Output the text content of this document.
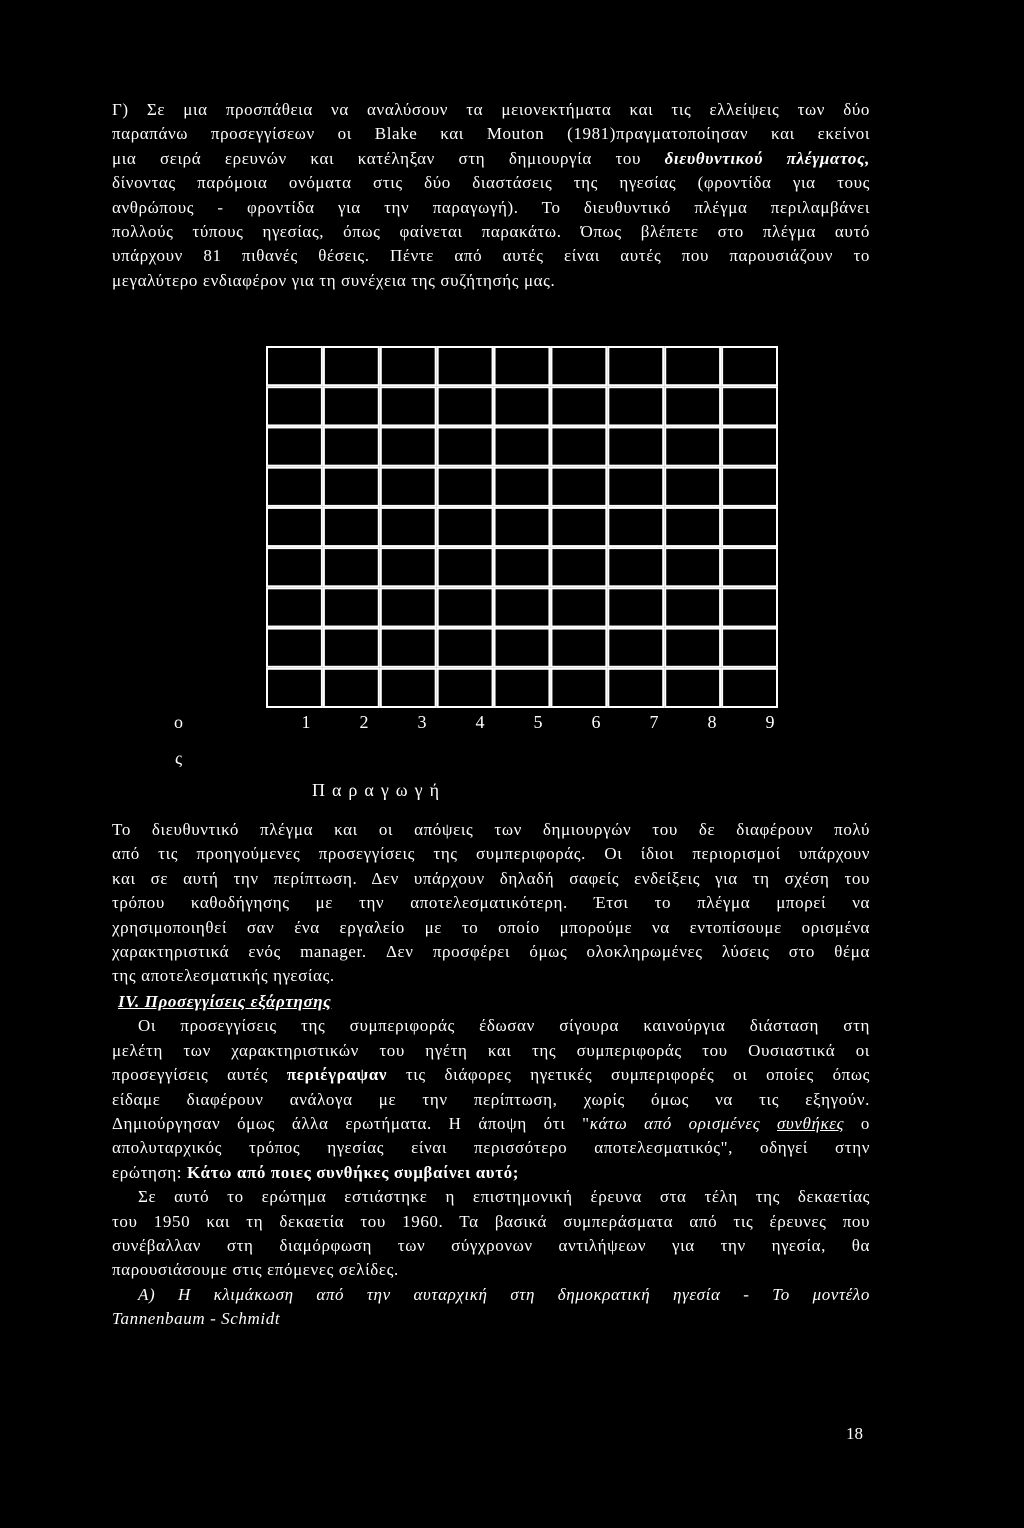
Γ) Σε μια προσπάθεια να αναλύσουν τα μειονεκτήματα και τις ελλείψεις των δύο
παραπάνω προσεγγίσεων οι Blake και Mouton (1981)πραγματοποίησαν και εκείνοι
μια σειρά ερευνών και κατέληξαν στη δημιουργία του διευθυντικού πλέγματος,
δίνοντας παρόμοια ονόματα στις δύο διαστάσεις της ηγεσίας (φροντίδα για τους
ανθρώπους - φροντίδα για την παραγωγή). Το διευθυντικό πλέγμα περιλαμβάνει
πολλούς τύπους ηγεσίας, όπως φαίνεται παρακάτω. Όπως βλέπετε στο πλέγμα αυτό
υπάρχουν 81 πιθανές θέσεις. Πέντε από αυτές είναι αυτές που παρουσιάζουν το
μεγαλύτερο ενδιαφέρον για τη συνέχεια της συζήτησής μας.
ο
ς
1	2	3	4	5	6	7	8	9
Παραγωγή
Το διευθυντικό πλέγμα και οι απόψεις των δημιουργών του δε διαφέρουν πολύ
από τις προηγούμενες προσεγγίσεις της συμπεριφοράς. Οι ίδιοι περιορισμοί υπάρχουν
και σε αυτή την περίπτωση. Δεν υπάρχουν δηλαδή σαφείς ενδείξεις για τη σχέση του
τρόπου καθοδήγησης με την αποτελεσματικότερη. Έτσι το πλέγμα μπορεί να
χρησιμοποιηθεί σαν ένα εργαλείο με το οποίο μπορούμε να εντοπίσουμε ορισμένα
χαρακτηριστικά ενός manager. Δεν προσφέρει όμως ολοκληρωμένες λύσεις στο θέμα
της αποτελεσματικής ηγεσίας.
IV. Προσεγγίσεις εξάρτησης
Οι προσεγγίσεις της συμπεριφοράς έδωσαν σίγουρα καινούργια διάσταση στη
μελέτη των χαρακτηριστικών του ηγέτη και της συμπεριφοράς του Ουσιαστικά οι
προσεγγίσεις αυτές περιέγραψαν τις διάφορες ηγετικές συμπεριφορές οι οποίες όπως
είδαμε διαφέρουν ανάλογα με την περίπτωση, χωρίς όμως να τις εξηγούν.
Δημιούργησαν όμως άλλα ερωτήματα. Η άποψη ότι "κάτω από ορισμένες συνθήκες ο
απολυταρχικός τρόπος ηγεσίας είναι περισσότερο αποτελεσματικός", οδηγεί στην
ερώτηση: Κάτω από ποιες συνθήκες συμβαίνει αυτό;
Σε αυτό το ερώτημα εστιάστηκε η επιστημονική έρευνα στα τέλη της δεκαετίας
του 1950 και τη δεκαετία του 1960. Τα βασικά συμπεράσματα από τις έρευνες που
συνέβαλλαν στη διαμόρφωση των σύγχρονων αντιλήψεων για την ηγεσία, θα
παρουσιάσουμε στις επόμενες σελίδες.
Α) Η κλιμάκωση από την αυταρχική στη δημοκρατική ηγεσία - Το μοντέλο
Tannenbaum - Schmidt
18
